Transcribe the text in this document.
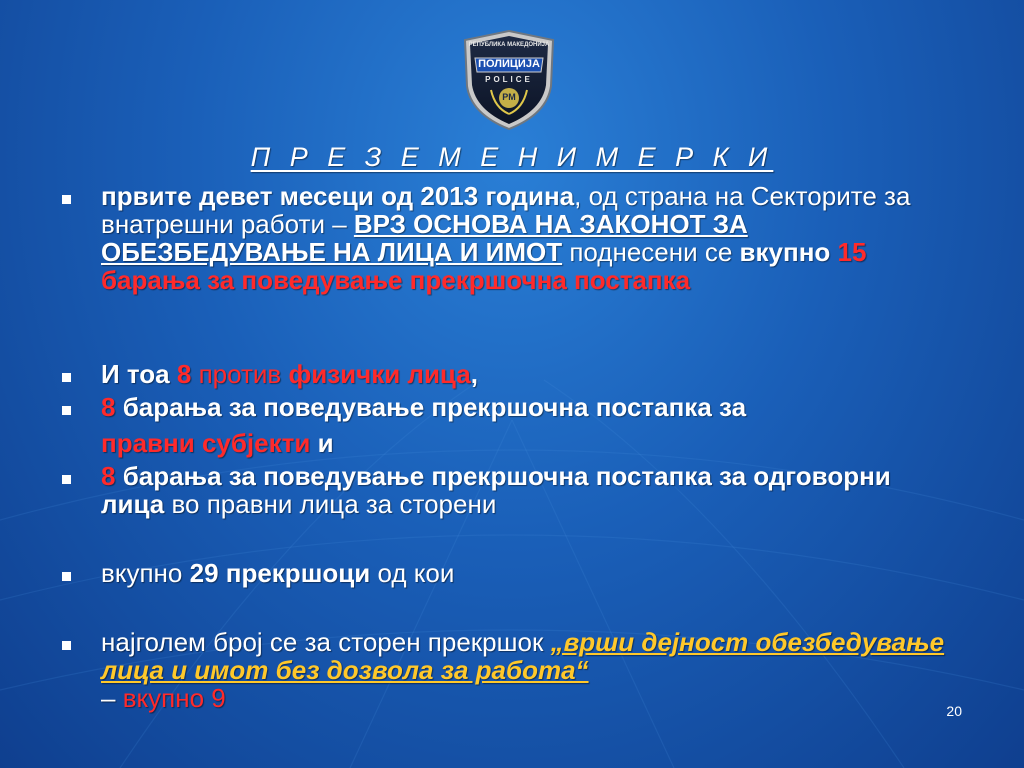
РЕПУБЛИКА МАКЕДОНИЈА
ПОЛИЦИЈА
POLICE
PM
П Р Е З Е М Е Н И М Е Р К И
првите девет месеци од 2013 година, од страна на Секторите за внатрешни работи – ВРЗ ОСНОВА НА ЗАКОНОТ ЗА ОБЕЗБЕДУВАЊЕ НА ЛИЦА И ИМОТ поднесени се вкупно 15 барања за поведување прекршочна постапка
И тоа 8 против физички лица,
8 барања за поведување прекршочна постапка за
правни субјекти и
8 барања за поведување прекршочна постапка за одговорни лица во правни лица за сторени
вкупно 29 прекршоци од кои
најголем број се за сторен прекршок „врши дејност обезбедување лица и имот без дозвола за работа“
– вкупно 9	20
